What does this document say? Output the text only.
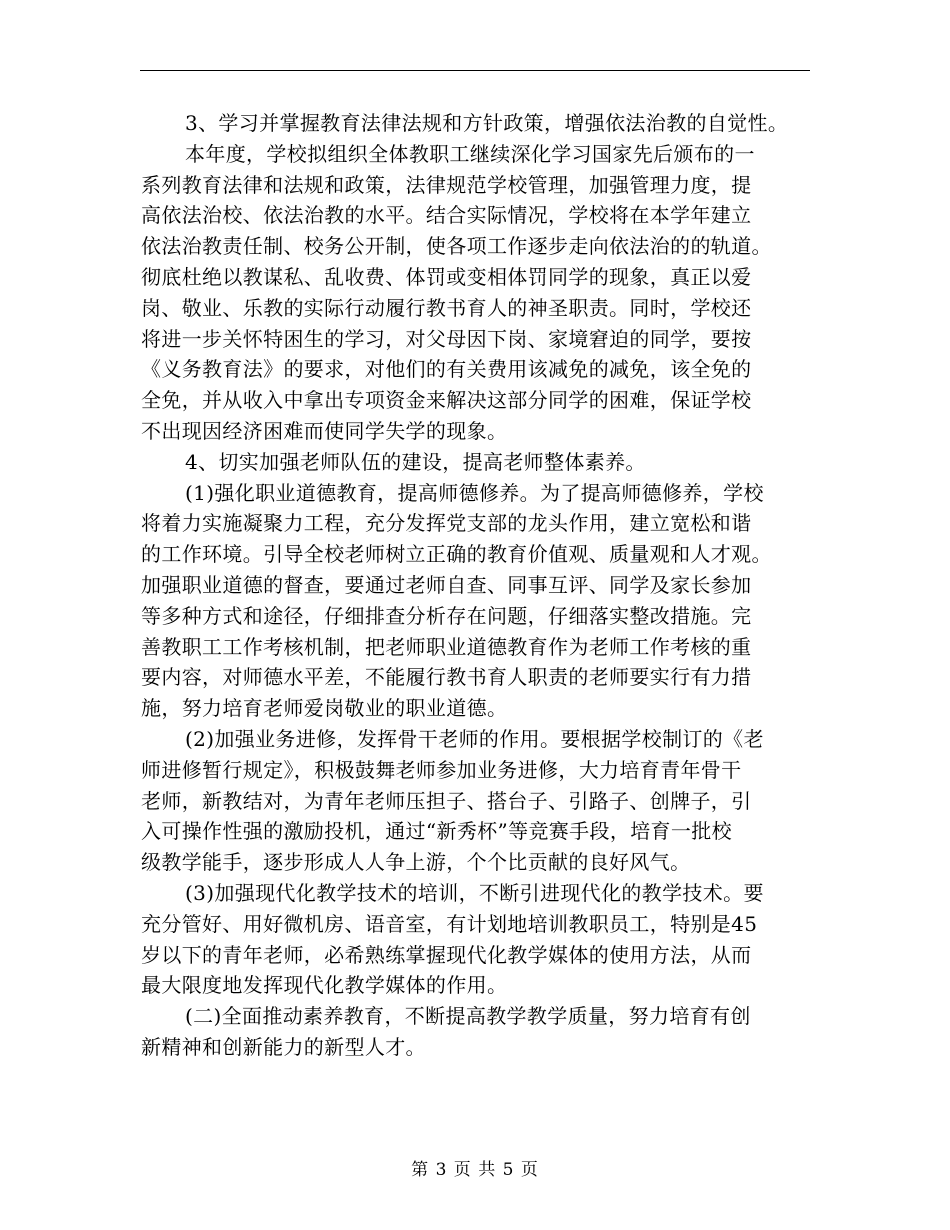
3、学习并掌握教育法律法规和方针政策，增强依法治教的自觉性。

本年度，学校拟组织全体教职工继续深化学习国家先后颁布的一

系列教育法律和法规和政策，法律规范学校管理，加强管理力度，提

高依法治校、依法治教的水平。结合实际情况，学校将在本学年建立

依法治教责任制、校务公开制，使各项工作逐步走向依法治的的轨道。

彻底杜绝以教谋私、乱收费、体罚或变相体罚同学的现象，真正以爱

岗、敬业、乐教的实际行动履行教书育人的神圣职责。同时，学校还

将进一步关怀特困生的学习，对父母因下岗、家境窘迫的同学，要按

《义务教育法》的要求，对他们的有关费用该减免的减免，该全免的

全免，并从收入中拿出专项资金来解决这部分同学的困难，保证学校

不出现因经济困难而使同学失学的现象。

4、切实加强老师队伍的建设，提高老师整体素养。

(1)强化职业道德教育，提高师德修养。为了提高师德修养，学校

将着力实施凝聚力工程，充分发挥党支部的龙头作用，建立宽松和谐

的工作环境。引导全校老师树立正确的教育价值观、质量观和人才观。

加强职业道德的督查，要通过老师自查、同事互评、同学及家长参加

等多种方式和途径，仔细排查分析存在问题，仔细落实整改措施。完

善教职工工作考核机制，把老师职业道德教育作为老师工作考核的重

要内容，对师德水平差，不能履行教书育人职责的老师要实行有力措

施，努力培育老师爱岗敬业的职业道德。

(2)加强业务进修，发挥骨干老师的作用。要根据学校制订的《老

师进修暂行规定》，积极鼓舞老师参加业务进修，大力培育青年骨干

老师，新教结对，为青年老师压担子、搭台子、引路子、创牌子，引

入可操作性强的激励投机，通过“新秀杯”等竞赛手段，培育一批校

级教学能手，逐步形成人人争上游，个个比贡献的良好风气。

(3)加强现代化教学技术的培训，不断引进现代化的教学技术。要

充分管好、用好微机房、语音室，有计划地培训教职员工，特别是45

岁以下的青年老师，必希熟练掌握现代化教学媒体的使用方法，从而

最大限度地发挥现代化教学媒体的作用。

(二)全面推动素养教育，不断提高教学教学质量，努力培育有创

新精神和创新能力的新型人才。

第 3 页 共 5 页
